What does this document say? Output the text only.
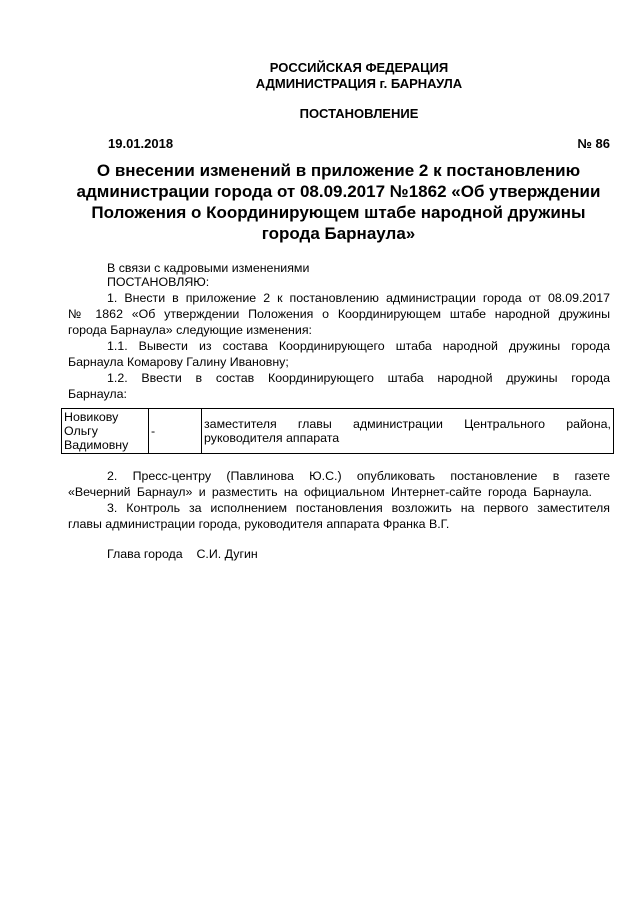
РОССИЙСКАЯ ФЕДЕРАЦИЯ
АДМИНИСТРАЦИЯ г. БАРНАУЛА
ПОСТАНОВЛЕНИЕ
19.01.2018	№ 86
О внесении изменений в приложение 2 к постановлению
администрации города от 08.09.2017 №1862 «Об утверждении
Положения о Координирующем штабе народной дружины
города Барнаула»
В связи с кадровыми изменениями
ПОСТАНОВЛЯЮ:
1. Внести в приложение 2 к постановлению администрации города от 08.09.2017
№ 1862 «Об утверждении Положения о Координирующем штабе народной дружины
города Барнаула» следующие изменения:
1.1. Вывести из состава Координирующего штаба народной дружины города
Барнаула Комарову Галину Ивановну;
1.2. Ввести в состав Координирующего штаба народной дружины города
Барнаула:
Новикову
Ольгу
Вадимовну
	-	заместителя главы администрации Центрального района,
руководителя аппарата
2. Пресс-центру (Павлинова Ю.С.) опубликовать постановление в газете
«Вечерний Барнаул» и разместить на официальном Интернет-сайте города Барнаула.
3. Контроль за исполнением постановления возложить на первого заместителя
главы администрации города, руководителя аппарата Франка В.Г.
Глава города    С.И. Дугин
